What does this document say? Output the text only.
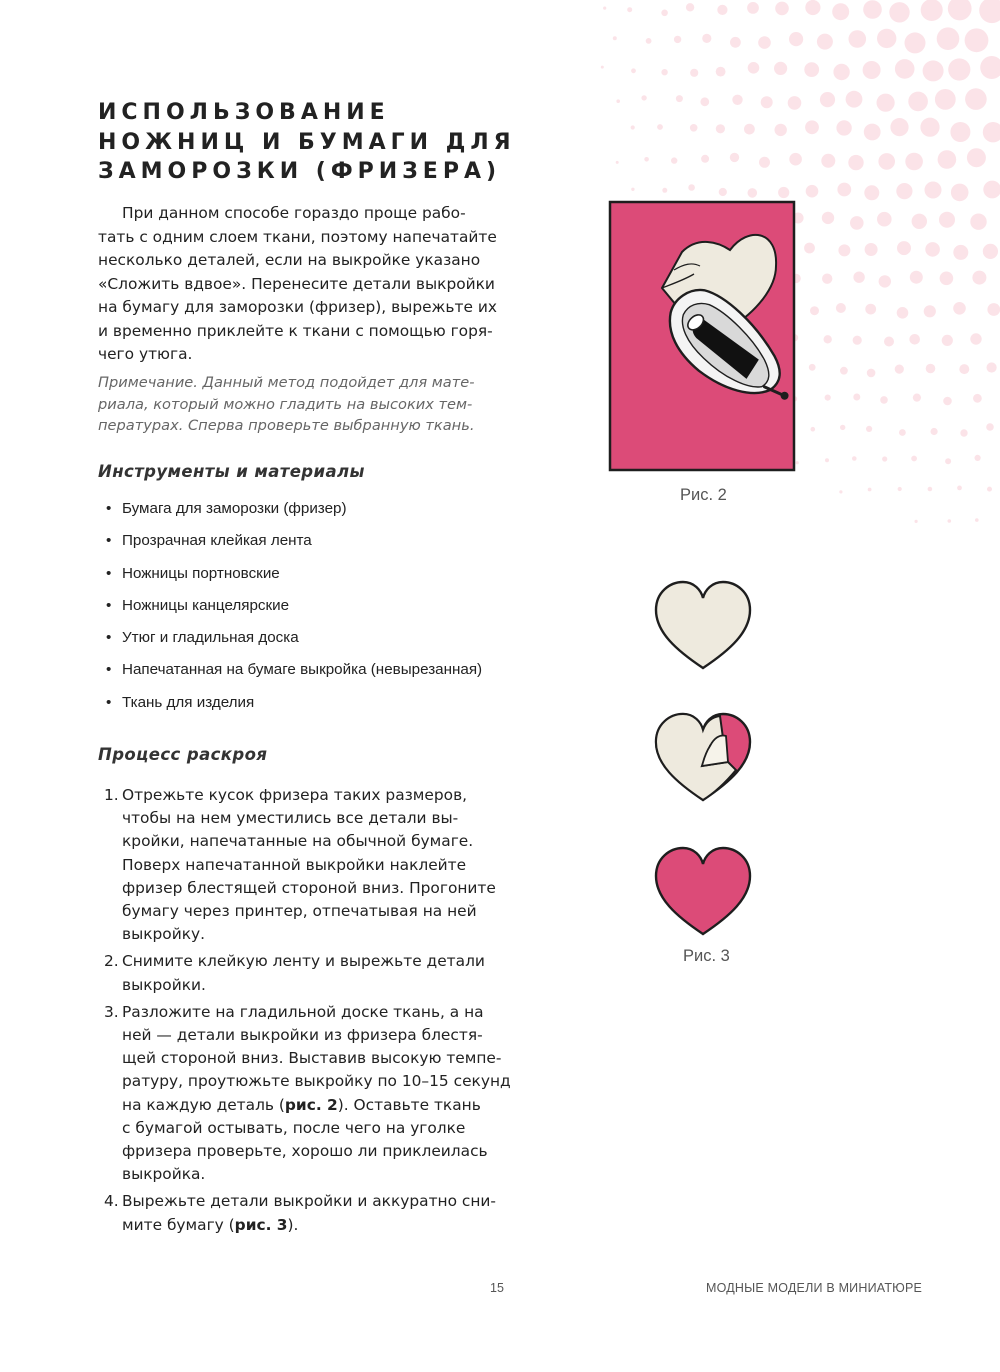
ИСПОЛЬЗОВАНИЕ
НОЖНИЦ И БУМАГИ ДЛЯ
ЗАМОРОЗКИ (ФРИЗЕРА)

При данном способе гораздо проще рабо-
тать с одним слоем ткани, поэтому напечатайте
несколько деталей, если на выкройке указано
«Сложить вдвое». Перенесите детали выкройки
на бумагу для заморозки (фризер), вырежьте их
и временно приклейте к ткани с помощью горя-
чего утюга.

Примечание. Данный метод подойдет для мате-
риала, который можно гладить на высоких тем-
пературах. Сперва проверьте выбранную ткань.

Инструменты и материалы
• Бумага для заморозки (фризер)
• Прозрачная клейкая лента
• Ножницы портновские
• Ножницы канцелярские
• Утюг и гладильная доска
• Напечатанная на бумаге выкройка (невырезанная)
• Ткань для изделия
Процесс раскроя
1. Отрежьте кусок фризера таких размеров,
чтобы на нем уместились все детали вы-
кройки, напечатанные на обычной бумаге.
Поверх напечатанной выкройки наклейте
фризер блестящей стороной вниз. Прогоните
бумагу через принтер, отпечатывая на ней
выкройку.
2. Снимите клейкую ленту и вырежьте детали
выкройки.
3. Разложите на гладильной доске ткань, а на
ней — детали выкройки из фризера блестя-
щей стороной вниз. Выставив высокую темпе-
ратуру, проутюжьте выкройку по 10–15 секунд
на каждую деталь (рис. 2). Оставьте ткань
с бумагой остывать, после чего на уголке
фризера проверьте, хорошо ли приклеилась
выкройка.
4. Вырежьте детали выкройки и аккуратно сни-
мите бумагу (рис. 3).
Рис. 2
Рис. 3
15	МОДНЫЕ МОДЕЛИ В МИНИАТЮРЕ
